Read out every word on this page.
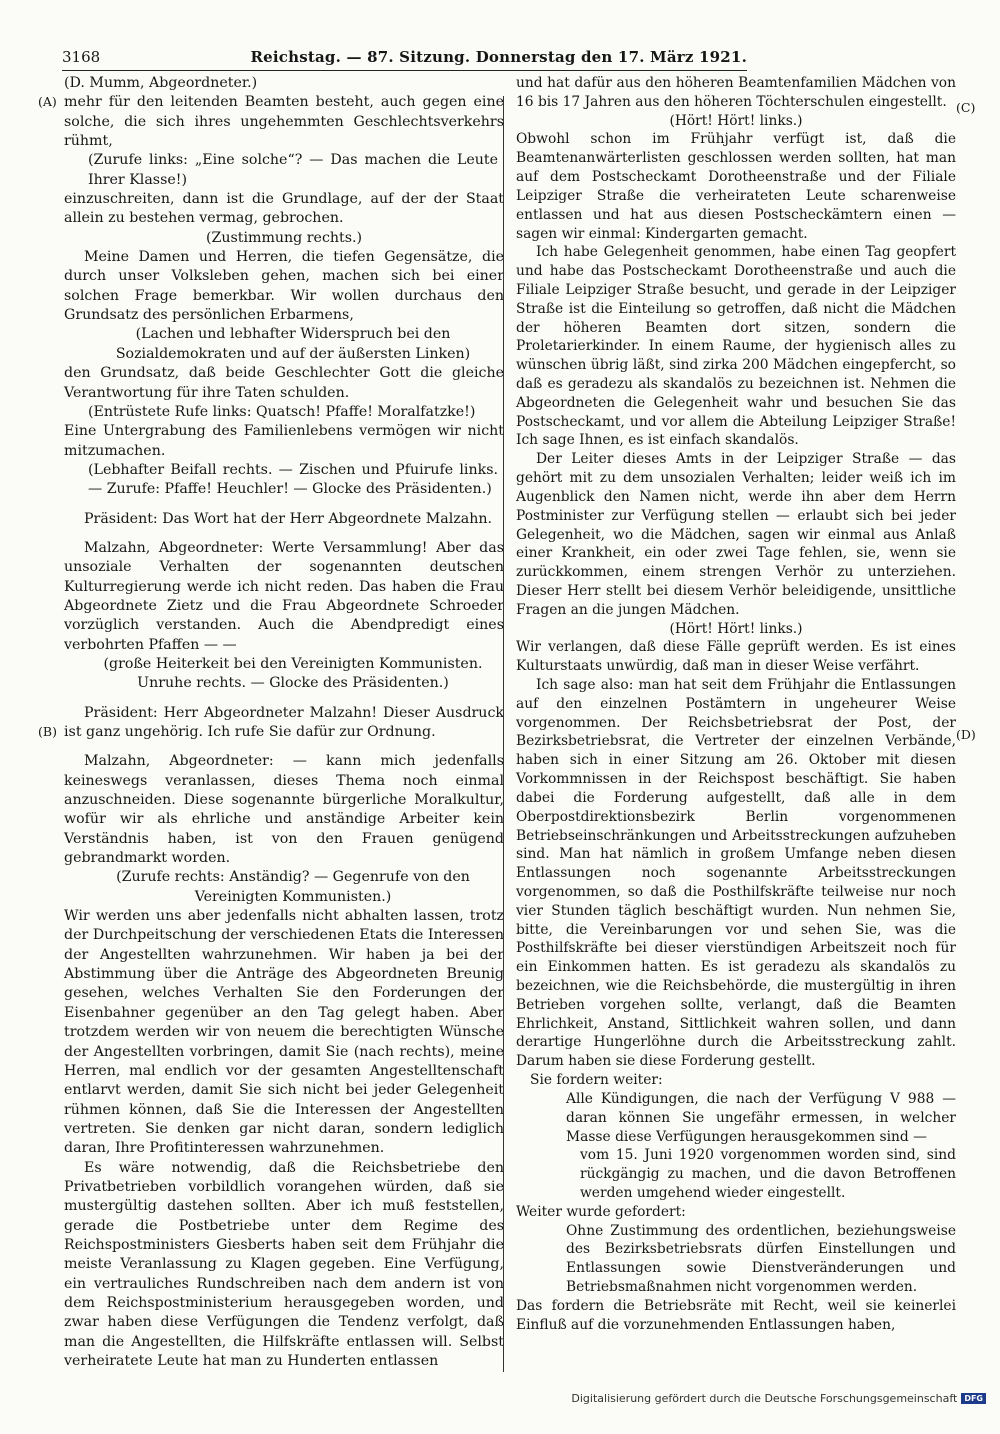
3168	Reichstag. — 87. Sitzung. Donnerstag den 17. März 1921.
(A)
(B)
(C)
(D)

(D. Mumm, Abgeordneter.)

mehr für den leitenden Beamten besteht, auch gegen eine solche, die sich ihres ungehemmten Geschlechtsverkehrs rühmt,

(Zurufe links: „Eine solche“? — Das machen die Leute Ihrer Klasse!)

einzuschreiten, dann ist die Grundlage, auf der der Staat allein zu bestehen vermag, gebrochen.

(Zustimmung rechts.)

Meine Damen und Herren, die tiefen Gegensätze, die durch unser Volksleben gehen, machen sich bei einer solchen Frage bemerkbar. Wir wollen durchaus den Grundsatz des persönlichen Erbarmens,

(Lachen und lebhafter Widerspruch bei den Sozialdemokraten und auf der äußersten Linken)

den Grundsatz, daß beide Geschlechter Gott die gleiche Verantwortung für ihre Taten schulden.

(Entrüstete Rufe links: Quatsch! Pfaffe! Moralfatzke!)

Eine Untergrabung des Familienlebens vermögen wir nicht mitzumachen.

(Lebhafter Beifall rechts. — Zischen und Pfuirufe links. — Zurufe: Pfaffe! Heuchler! — Glocke des Präsidenten.)

Präsident: Das Wort hat der Herr Abgeordnete Malzahn.

Malzahn, Abgeordneter: Werte Versammlung! Aber das unsoziale Verhalten der sogenannten deutschen Kulturregierung werde ich nicht reden. Das haben die Frau Abgeordnete Zietz und die Frau Abgeordnete Schroeder vorzüglich verstanden. Auch die Abendpredigt eines verbohrten Pfaffen — —

(große Heiterkeit bei den Vereinigten Kommunisten. Unruhe rechts. — Glocke des Präsidenten.)

Präsident: Herr Abgeordneter Malzahn! Dieser Ausdruck ist ganz ungehörig. Ich rufe Sie dafür zur Ordnung.

Malzahn, Abgeordneter: — kann mich jedenfalls keineswegs veranlassen, dieses Thema noch einmal anzuschneiden. Diese sogenannte bürgerliche Moralkultur, wofür wir als ehrliche und anständige Arbeiter kein Verständnis haben, ist von den Frauen genügend gebrandmarkt worden.

(Zurufe rechts: Anständig? — Gegenrufe von den Vereinigten Kommunisten.)

Wir werden uns aber jedenfalls nicht abhalten lassen, trotz der Durchpeitschung der verschiedenen Etats die Interessen der Angestellten wahrzunehmen. Wir haben ja bei der Abstimmung über die Anträge des Abgeordneten Breunig gesehen, welches Verhalten Sie den Forderungen der Eisenbahner gegenüber an den Tag gelegt haben. Aber trotzdem werden wir von neuem die berechtigten Wünsche der Angestellten vorbringen, damit Sie (nach rechts), meine Herren, mal endlich vor der gesamten Angestelltenschaft entlarvt werden, damit Sie sich nicht bei jeder Gelegenheit rühmen können, daß Sie die Interessen der Angestellten vertreten. Sie denken gar nicht daran, sondern lediglich daran, Ihre Profitinteressen wahrzunehmen.

Es wäre notwendig, daß die Reichsbetriebe den Privatbetrieben vorbildlich vorangehen würden, daß sie mustergültig dastehen sollten. Aber ich muß feststellen, gerade die Postbetriebe unter dem Regime des Reichspostministers Giesberts haben seit dem Frühjahr die meiste Veranlassung zu Klagen gegeben. Eine Verfügung, ein vertrauliches Rundschreiben nach dem andern ist von dem Reichspostministerium herausgegeben worden, und zwar haben diese Verfügungen die Tendenz verfolgt, daß man die Angestellten, die Hilfskräfte entlassen will. Selbst verheiratete Leute hat man zu Hunderten entlassen

und hat dafür aus den höheren Beamtenfamilien Mädchen von 16 bis 17 Jahren aus den höheren Töchterschulen eingestellt.

(Hört! Hört! links.)

Obwohl schon im Frühjahr verfügt ist, daß die Beamtenanwärterlisten geschlossen werden sollten, hat man auf dem Postscheckamt Dorotheenstraße und der Filiale Leipziger Straße die verheirateten Leute scharenweise entlassen und hat aus diesen Postscheckämtern einen — sagen wir einmal: Kindergarten gemacht.

Ich habe Gelegenheit genommen, habe einen Tag geopfert und habe das Postscheckamt Dorotheenstraße und auch die Filiale Leipziger Straße besucht, und gerade in der Leipziger Straße ist die Einteilung so getroffen, daß nicht die Mädchen der höheren Beamten dort sitzen, sondern die Proletarierkinder. In einem Raume, der hygienisch alles zu wünschen übrig läßt, sind zirka 200 Mädchen eingepfercht, so daß es geradezu als skandalös zu bezeichnen ist. Nehmen die Abgeordneten die Gelegenheit wahr und besuchen Sie das Postscheckamt, und vor allem die Abteilung Leipziger Straße! Ich sage Ihnen, es ist einfach skandalös.

Der Leiter dieses Amts in der Leipziger Straße — das gehört mit zu dem unsozialen Verhalten; leider weiß ich im Augenblick den Namen nicht, werde ihn aber dem Herrn Postminister zur Verfügung stellen — erlaubt sich bei jeder Gelegenheit, wo die Mädchen, sagen wir einmal aus Anlaß einer Krankheit, ein oder zwei Tage fehlen, sie, wenn sie zurückkommen, einem strengen Verhör zu unterziehen. Dieser Herr stellt bei diesem Verhör beleidigende, unsittliche Fragen an die jungen Mädchen.

(Hört! Hört! links.)

Wir verlangen, daß diese Fälle geprüft werden. Es ist eines Kulturstaats unwürdig, daß man in dieser Weise verfährt.

Ich sage also: man hat seit dem Frühjahr die Entlassungen auf den einzelnen Postämtern in ungeheurer Weise vorgenommen. Der Reichsbetriebsrat der Post, der Bezirksbetriebsrat, die Vertreter der einzelnen Verbände, haben sich in einer Sitzung am 26. Oktober mit diesen Vorkommnissen in der Reichspost beschäftigt. Sie haben dabei die Forderung aufgestellt, daß alle in dem Oberpostdirektionsbezirk Berlin vorgenommenen Betriebseinschränkungen und Arbeitsstreckungen aufzuheben sind. Man hat nämlich in großem Umfange neben diesen Entlassungen noch sogenannte Arbeitsstreckungen vorgenommen, so daß die Posthilfskräfte teilweise nur noch vier Stunden täglich beschäftigt wurden. Nun nehmen Sie, bitte, die Vereinbarungen vor und sehen Sie, was die Posthilfskräfte bei dieser vierstündigen Arbeitszeit noch für ein Einkommen hatten. Es ist geradezu als skandalös zu bezeichnen, wie die Reichsbehörde, die mustergültig in ihren Betrieben vorgehen sollte, verlangt, daß die Beamten Ehrlichkeit, Anstand, Sittlichkeit wahren sollen, und dann derartige Hungerlöhne durch die Arbeitsstreckung zahlt. Darum haben sie diese Forderung gestellt.

Sie fordern weiter:

Alle Kündigungen, die nach der Verfügung V 988 — daran können Sie ungefähr ermessen, in welcher Masse diese Verfügungen herausgekommen sind —

vom 15. Juni 1920 vorgenommen worden sind, sind rückgängig zu machen, und die davon Betroffenen werden umgehend wieder eingestellt.

Weiter wurde gefordert:

Ohne Zustimmung des ordentlichen, beziehungsweise des Bezirksbetriebsrats dürfen Einstellungen und Entlassungen sowie Dienstveränderungen und Betriebsmaßnahmen nicht vorgenommen werden.

Das fordern die Betriebsräte mit Recht, weil sie keinerlei Einfluß auf die vorzunehmenden Entlassungen haben,

Digitalisierung gefördert durch die Deutsche Forschungsgemeinschaft DFG
